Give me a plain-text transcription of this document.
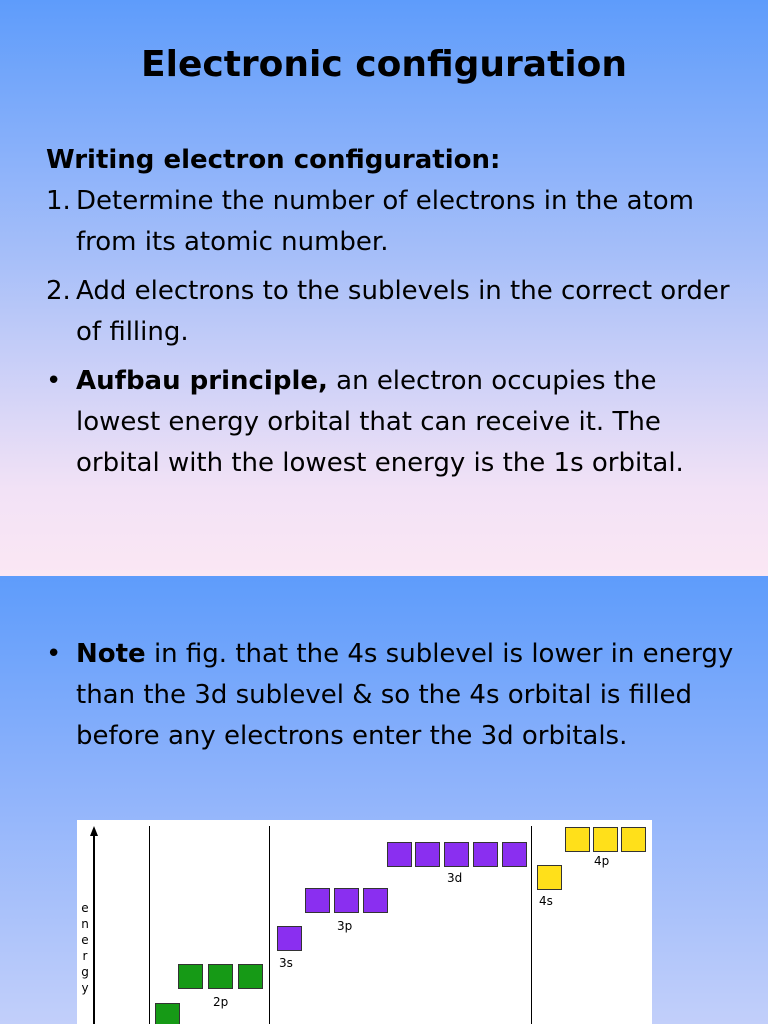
Electronic configuration
Writing electron configuration:
1. Determine the number of electrons in the atom from its atomic number.
2. Add electrons to the sublevels in the correct order of filling.
• Aufbau principle, an electron occupies the lowest energy orbital that can receive it. The orbital with the lowest energy is the 1s orbital.
• Note in fig. that the 4s sublevel is lower in energy than the 3d sublevel & so the 4s orbital is filled before any electrons enter the 3d orbitals.
e
n
e
r
g
y
2p
3s
3p
3d
4s
4p
